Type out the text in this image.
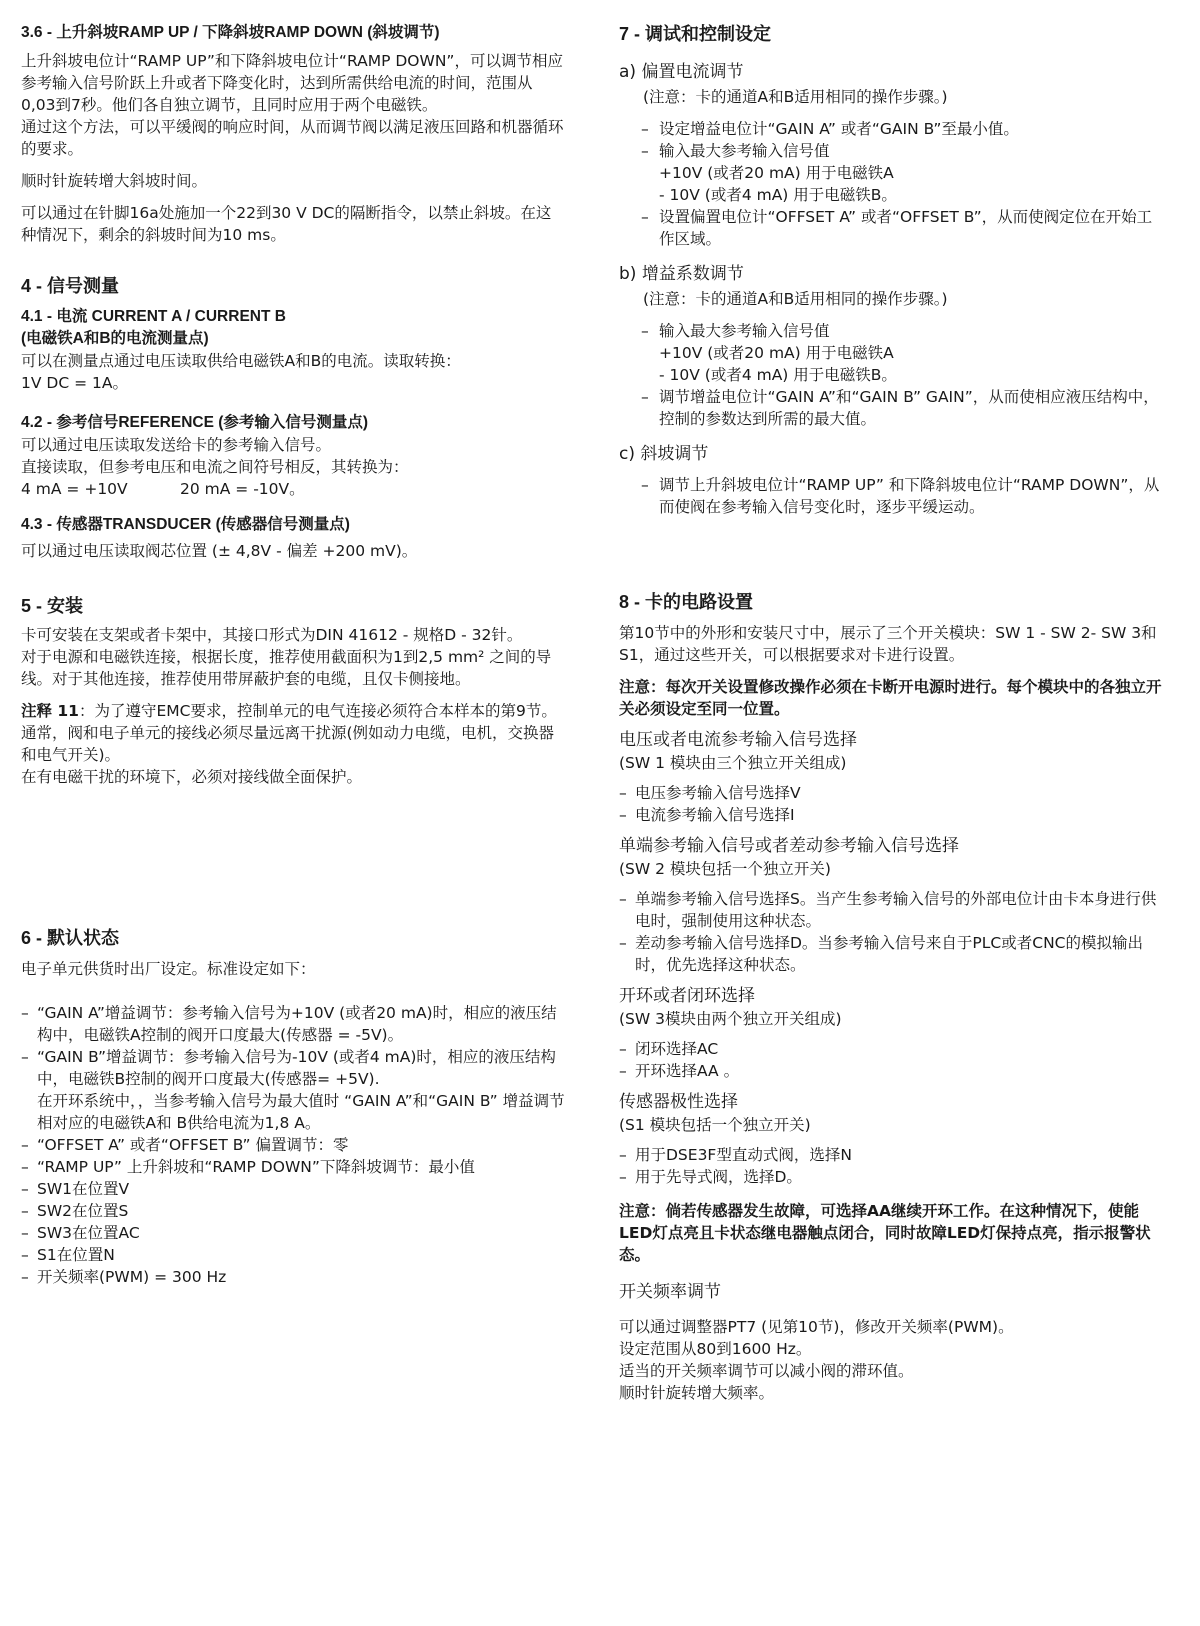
3.6 - 上升斜坡RAMP UP / 下降斜坡RAMP DOWN (斜坡调节)

上升斜坡电位计“RAMP UP”和下降斜坡电位计“RAMP DOWN”，可以调节相应参考输入信号阶跃上升或者下降变化时，达到所需供给电流的时间，范围从0,03到7秒。他们各自独立调节，且同时应用于两个电磁铁。

通过这个方法，可以平缓阀的响应时间，从而调节阀以满足液压回路和机器循环的要求。

顺时针旋转增大斜坡时间。

可以通过在针脚16a处施加一个22到30 V DC的隔断指令，以禁止斜坡。在这种情况下，剩余的斜坡时间为10 ms。

4 - 信号测量
4.1 - 电流 CURRENT A / CURRENT B
(电磁铁A和B的电流测量点)

可以在测量点通过电压读取供给电磁铁A和B的电流。读取转换：

1V DC = 1A。

4.2 - 参考信号REFERENCE (参考输入信号测量点)

可以通过电压读取发送给卡的参考输入信号。

直接读取，但参考电压和电流之间符号相反，其转换为：

4 mA = +10V	20 mA = -10V。

4.3 - 传感器TRANSDUCER (传感器信号测量点)

可以通过电压读取阀芯位置 (± 4,8V - 偏差 +200 mV)。

5 - 安装

卡可安装在支架或者卡架中，其接口形式为DIN 41612 - 规格D - 32针。

对于电源和电磁铁连接，根据长度，推荐使用截面积为1到2,5 mm² 之间的导线。对于其他连接，推荐使用带屏蔽护套的电缆，且仅卡侧接地。

注释 11：为了遵守EMC要求，控制单元的电气连接必须符合本样本的第9节。

通常，阀和电子单元的接线必须尽量远离干扰源(例如动力电缆，电机，交换器和电气开关)。

在有电磁干扰的环境下，必须对接线做全面保护。

6 - 默认状态

电子单元供货时出厂设定。标准设定如下：

– “GAIN A”增益调节：参考输入信号为+10V (或者20 mA)时，相应的液压结构中，电磁铁A控制的阀开口度最大(传感器 = -5V)。
– “GAIN B”增益调节：参考输入信号为-10V (或者4 mA)时，相应的液压结构中，电磁铁B控制的阀开口度最大(传感器= +5V).
在开环系统中，，当参考输入信号为最大值时 “GAIN A”和“GAIN B” 增益调节相对应的电磁铁A和 B供给电流为1,8 A。
– “OFFSET A” 或者“OFFSET B” 偏置调节：零
– “RAMP UP” 上升斜坡和“RAMP DOWN”下降斜坡调节：最小值
– SW1在位置V
– SW2在位置S
– SW3在位置AC
– S1在位置N
– 开关频率(PWM) = 300 Hz
7 - 调试和控制设定

a) 偏置电流调节

(注意：卡的通道A和B适用相同的操作步骤。)

– 设定增益电位计“GAIN A” 或者“GAIN B”至最小值。
– 输入最大参考输入信号值
+10V (或者20 mA) 用于电磁铁A
- 10V (或者4 mA) 用于电磁铁B。
– 设置偏置电位计“OFFSET A” 或者“OFFSET B”，从而使阀定位在开始工作区域。

b) 增益系数调节

(注意：卡的通道A和B适用相同的操作步骤。)

– 输入最大参考输入信号值
+10V (或者20 mA) 用于电磁铁A
- 10V (或者4 mA) 用于电磁铁B。
– 调节增益电位计“GAIN A”和“GAIN B” GAIN”，从而使相应液压结构中，控制的参数达到所需的最大值。

c) 斜坡调节

– 调节上升斜坡电位计“RAMP UP” 和下降斜坡电位计“RAMP DOWN”，从而使阀在参考输入信号变化时，逐步平缓运动。
8 - 卡的电路设置

第10节中的外形和安装尺寸中，展示了三个开关模块：SW 1 - SW 2- SW 3和S1，通过这些开关，可以根据要求对卡进行设置。

注意：每次开关设置修改操作必须在卡断开电源时进行。每个模块中的各独立开关必须设定至同一位置。

电压或者电流参考输入信号选择

(SW 1 模块由三个独立开关组成)

– 电压参考输入信号选择V
– 电流参考输入信号选择I

单端参考输入信号或者差动参考输入信号选择

(SW 2 模块包括一个独立开关)

– 单端参考输入信号选择S。当产生参考输入信号的外部电位计由卡本身进行供电时，强制使用这种状态。
– 差动参考输入信号选择D。当参考输入信号来自于PLC或者CNC的模拟输出时，优先选择这种状态。

开环或者闭环选择

(SW 3模块由两个独立开关组成)

– 闭环选择AC
– 开环选择AA 。

传感器极性选择

(S1 模块包括一个独立开关)

– 用于DSE3F型直动式阀，选择N
– 用于先导式阀，选择D。

注意：倘若传感器发生故障，可选择AA继续开环工作。在这种情况下，使能LED灯点亮且卡状态继电器触点闭合，同时故障LED灯保持点亮，指示报警状态。

开关频率调节

可以通过调整器PT7 (见第10节)，修改开关频率(PWM)。

设定范围从80到1600 Hz。

适当的开关频率调节可以减小阀的滞环值。

顺时针旋转增大频率。
